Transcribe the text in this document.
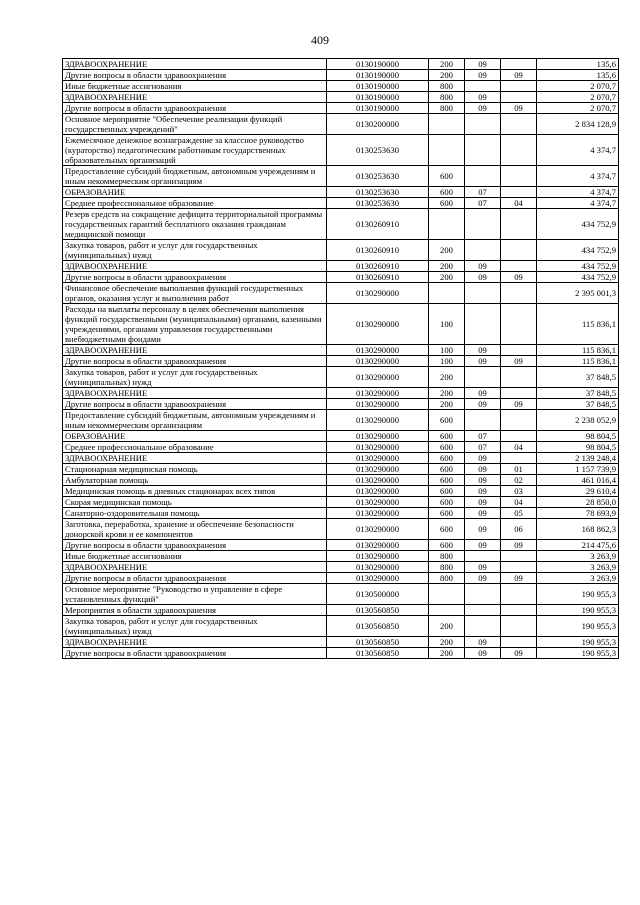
409
ЗДРАВООХРАНЕНИЕ	0130190000	200	09		135,6
Другие вопросы в области здравоохранения	0130190000	200	09	09	135,6
Иные бюджетные ассигнования	0130190000	800			2 070,7
ЗДРАВООХРАНЕНИЕ	0130190000	800	09		2 070,7
Другие вопросы в области здравоохранения	0130190000	800	09	09	2 070,7
Основное мероприятие "Обеспечение реализации функций государственных учреждений"	0130200000				2 834 128,9
Ежемесячное денежное вознаграждение за классное руководство (кураторство) педагогическим работникам государственных образовательных организаций	0130253630				4 374,7
Предоставление субсидий бюджетным, автономным учреждениям и иным некоммерческим организациям	0130253630	600			4 374,7
ОБРАЗОВАНИЕ	0130253630	600	07		4 374,7
Среднее профессиональное образование	0130253630	600	07	04	4 374,7
Резерв средств на сокращение дефицита территориальной программы государственных гарантий бесплатного оказания гражданам медицинской помощи	0130260910				434 752,9
Закупка товаров, работ и услуг для государственных (муниципальных) нужд	0130260910	200			434 752,9
ЗДРАВООХРАНЕНИЕ	0130260910	200	09		434 752,9
Другие вопросы в области здравоохранения	0130260910	200	09	09	434 752,9
Финансовое обеспечение выполнения функций государственных органов, оказания услуг и выполнения работ	0130290000				2 395 001,3
Расходы на выплаты персоналу в целях обеспечения выполнения функций государственными (муниципальными) органами, казенными учреждениями, органами управления государственными внебюджетными фондами	0130290000	100			115 836,1
ЗДРАВООХРАНЕНИЕ	0130290000	100	09		115 836,1
Другие вопросы в области здравоохранения	0130290000	100	09	09	115 836,1
Закупка товаров, работ и услуг для государственных (муниципальных) нужд	0130290000	200			37 848,5
ЗДРАВООХРАНЕНИЕ	0130290000	200	09		37 848,5
Другие вопросы в области здравоохранения	0130290000	200	09	09	37 848,5
Предоставление субсидий бюджетным, автономным учреждениям и иным некоммерческим организациям	0130290000	600			2 238 052,9
ОБРАЗОВАНИЕ	0130290000	600	07		98 804,5
Среднее профессиональное образование	0130290000	600	07	04	98 804,5
ЗДРАВООХРАНЕНИЕ	0130290000	600	09		2 139 248,4
Стационарная медицинская помощь	0130290000	600	09	01	1 157 739,9
Амбулаторная помощь	0130290000	600	09	02	461 016,4
Медицинская помощь в дневных стационарах всех типов	0130290000	600	09	03	29 610,4
Скорая медицинская помощь	0130290000	600	09	04	28 850,0
Санаторно-оздоровительная помощь	0130290000	600	09	05	78 693,9
Заготовка, переработка, хранение и обеспечение безопасности донорской крови и ее компонентов	0130290000	600	09	06	168 862,3
Другие вопросы в области здравоохранения	0130290000	600	09	09	214 475,6
Иные бюджетные ассигнования	0130290000	800			3 263,9
ЗДРАВООХРАНЕНИЕ	0130290000	800	09		3 263,9
Другие вопросы в области здравоохранения	0130290000	800	09	09	3 263,9
Основное мероприятие "Руководство и управление в сфере установленных функций"	0130500000				190 955,3
Мероприятия в области здравоохранения	0130560850				190 955,3
Закупка товаров, работ и услуг для государственных (муниципальных) нужд	0130560850	200			190 955,3
ЗДРАВООХРАНЕНИЕ	0130560850	200	09		190 955,3
Другие вопросы в области здравоохранения	0130560850	200	09	09	190 955,3
